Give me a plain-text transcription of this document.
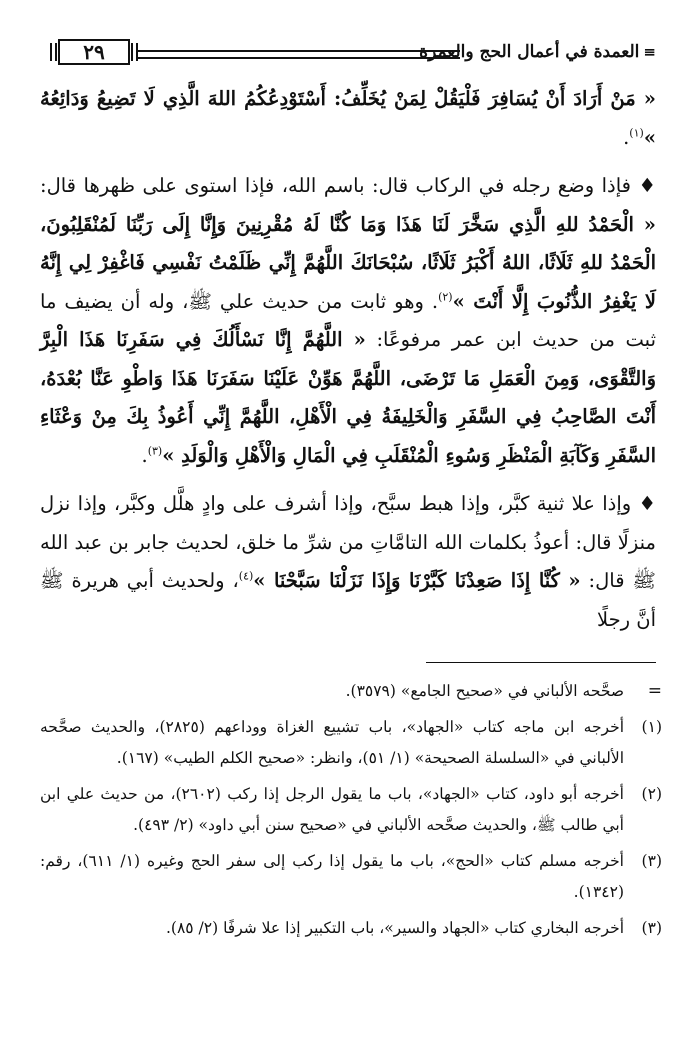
≡العمدة في أعمال الحج والعمرة
٢٩

« مَنْ أَرَادَ أَنْ يُسَافِرَ فَلْيَقُلْ لِمَنْ يُخَلِّفُ: أَسْتَوْدِعُكُمُ اللهَ الَّذِي لَا تَضِيعُ وَدَائِعُهُ »$^{(١)}$.

♦ فإذا وضع رجله في الركاب قال: باسم الله، فإذا استوى على ظهرها قال: « الْحَمْدُ للهِ الَّذِي سَخَّرَ لَنَا هَذَا وَمَا كُنَّا لَهُ مُقْرِنِينَ وَإِنَّا إِلَى رَبِّنَا لَمُنْقَلِبُونَ، الْحَمْدُ للهِ ثَلَاثًا، اللهُ أَكْبَرُ ثَلَاثًا، سُبْحَانَكَ اللَّهُمَّ إِنِّي ظَلَمْتُ نَفْسِي فَاغْفِرْ لِي إِنَّهُ لَا يَغْفِرُ الذُّنُوبَ إِلَّا أَنْتَ »$^{(٢)}$. وهو ثابت من حديث علي ﷺ، وله أن يضيف ما ثبت من حديث ابن عمر مرفوعًا: « اللَّهُمَّ إِنَّا نَسْأَلُكَ فِي سَفَرِنَا هَذَا الْبِرَّ وَالتَّقْوَى، وَمِنَ الْعَمَلِ مَا تَرْضَى، اللَّهُمَّ هَوِّنْ عَلَيْنَا سَفَرَنَا هَذَا وَاطْوِ عَنَّا بُعْدَهُ، أَنْتَ الصَّاحِبُ فِي السَّفَرِ وَالْخَلِيفَةُ فِي الْأَهْلِ، اللَّهُمَّ إِنِّي أَعُوذُ بِكَ مِنْ وَعْثَاءِ السَّفَرِ وَكَآبَةِ الْمَنْظَرِ وَسُوءِ الْمُنْقَلَبِ فِي الْمَالِ وَالْأَهْلِ وَالْوَلَدِ »$^{(٣)}$.

♦ وإذا علا ثنية كبَّر، وإذا هبط سبَّح، وإذا أشرف على وادٍ هلَّل وكبَّر، وإذا نزل منزلًا قال: أعوذُ بكلمات الله التامَّاتِ من شرِّ ما خلق، لحديث جابر بن عبد الله ﷺ قال: « كُنَّا إِذَا صَعِدْنَا كَبَّرْنَا وَإِذَا نَزَلْنَا سَبَّحْنَا »$^{(٤)}$، ولحديث أبي هريرة ﷺ أنَّ رجلًا

=
صحَّحه الألباني في «صحيح الجامع» (٣٥٧٩).
(١)
أخرجه ابن ماجه كتاب «الجهاد»، باب تشييع الغزاة ووداعهم (٢٨٢٥)، والحديث صحَّحه الألباني في «السلسلة الصحيحة» (١/ ٥١)، وانظر: «صحيح الكلم الطيب» (١٦٧).
(٢)
أخرجه أبو داود، كتاب «الجهاد»، باب ما يقول الرجل إذا ركب (٢٦٠٢)، من حديث علي ابن أبي طالب ﷺ، والحديث صحَّحه الألباني في «صحيح سنن أبي داود» (٢/ ٤٩٣).
(٣)
أخرجه مسلم كتاب «الحج»، باب ما يقول إذا ركب إلى سفر الحج وغيره (١/ ٦١١)، رقم: (١٣٤٢).
(٣)
أخرجه البخاري كتاب «الجهاد والسير»، باب التكبير إذا علا شرفًا (٢/ ٨٥).
